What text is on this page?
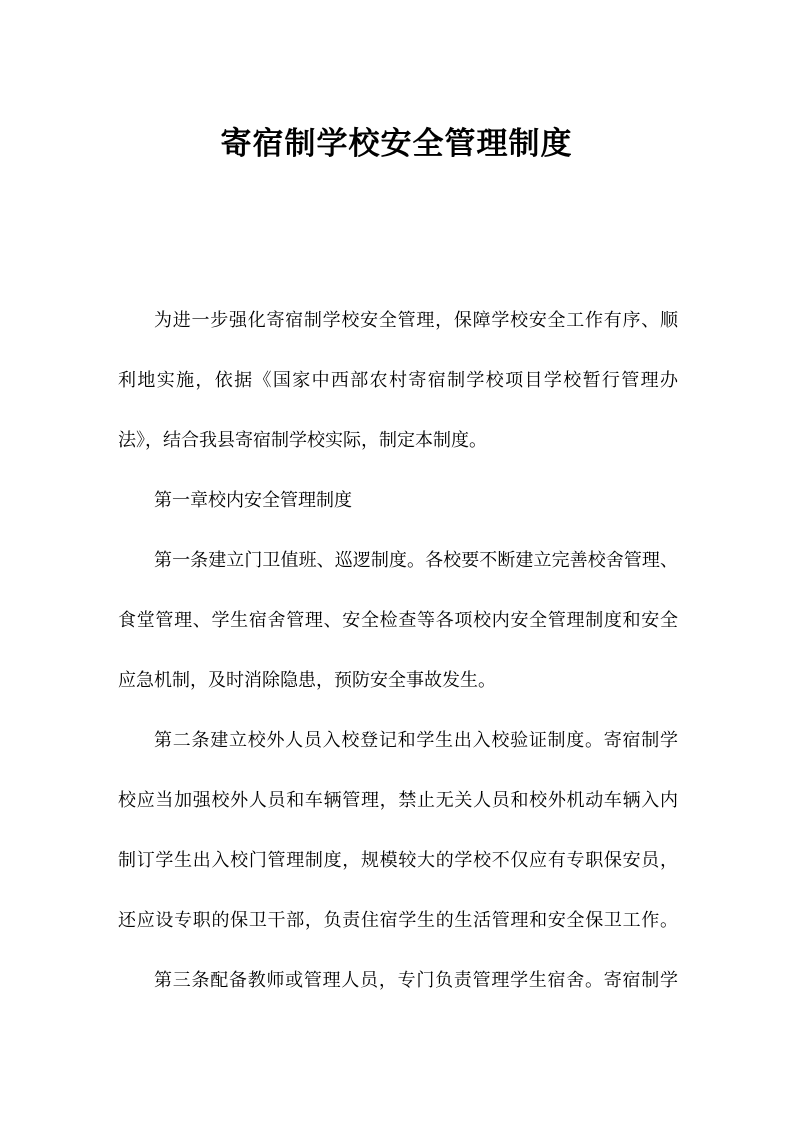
寄宿制学校安全管理制度
为进一步强化寄宿制学校安全管理，保障学校安全工作有序、顺
利地实施，依据《国家中西部农村寄宿制学校项目学校暂行管理办
法》，结合我县寄宿制学校实际，制定本制度。
第一章校内安全管理制度
第一条建立门卫值班、巡逻制度。各校要不断建立完善校舍管理、
食堂管理、学生宿舍管理、安全检查等各项校内安全管理制度和安全
应急机制，及时消除隐患，预防安全事故发生。
第二条建立校外人员入校登记和学生出入校验证制度。寄宿制学
校应当加强校外人员和车辆管理，禁止无关人员和校外机动车辆入内
制订学生出入校门管理制度，规模较大的学校不仅应有专职保安员，
还应设专职的保卫干部，负责住宿学生的生活管理和安全保卫工作。
第三条配备教师或管理人员，专门负责管理学生宿舍。寄宿制学
